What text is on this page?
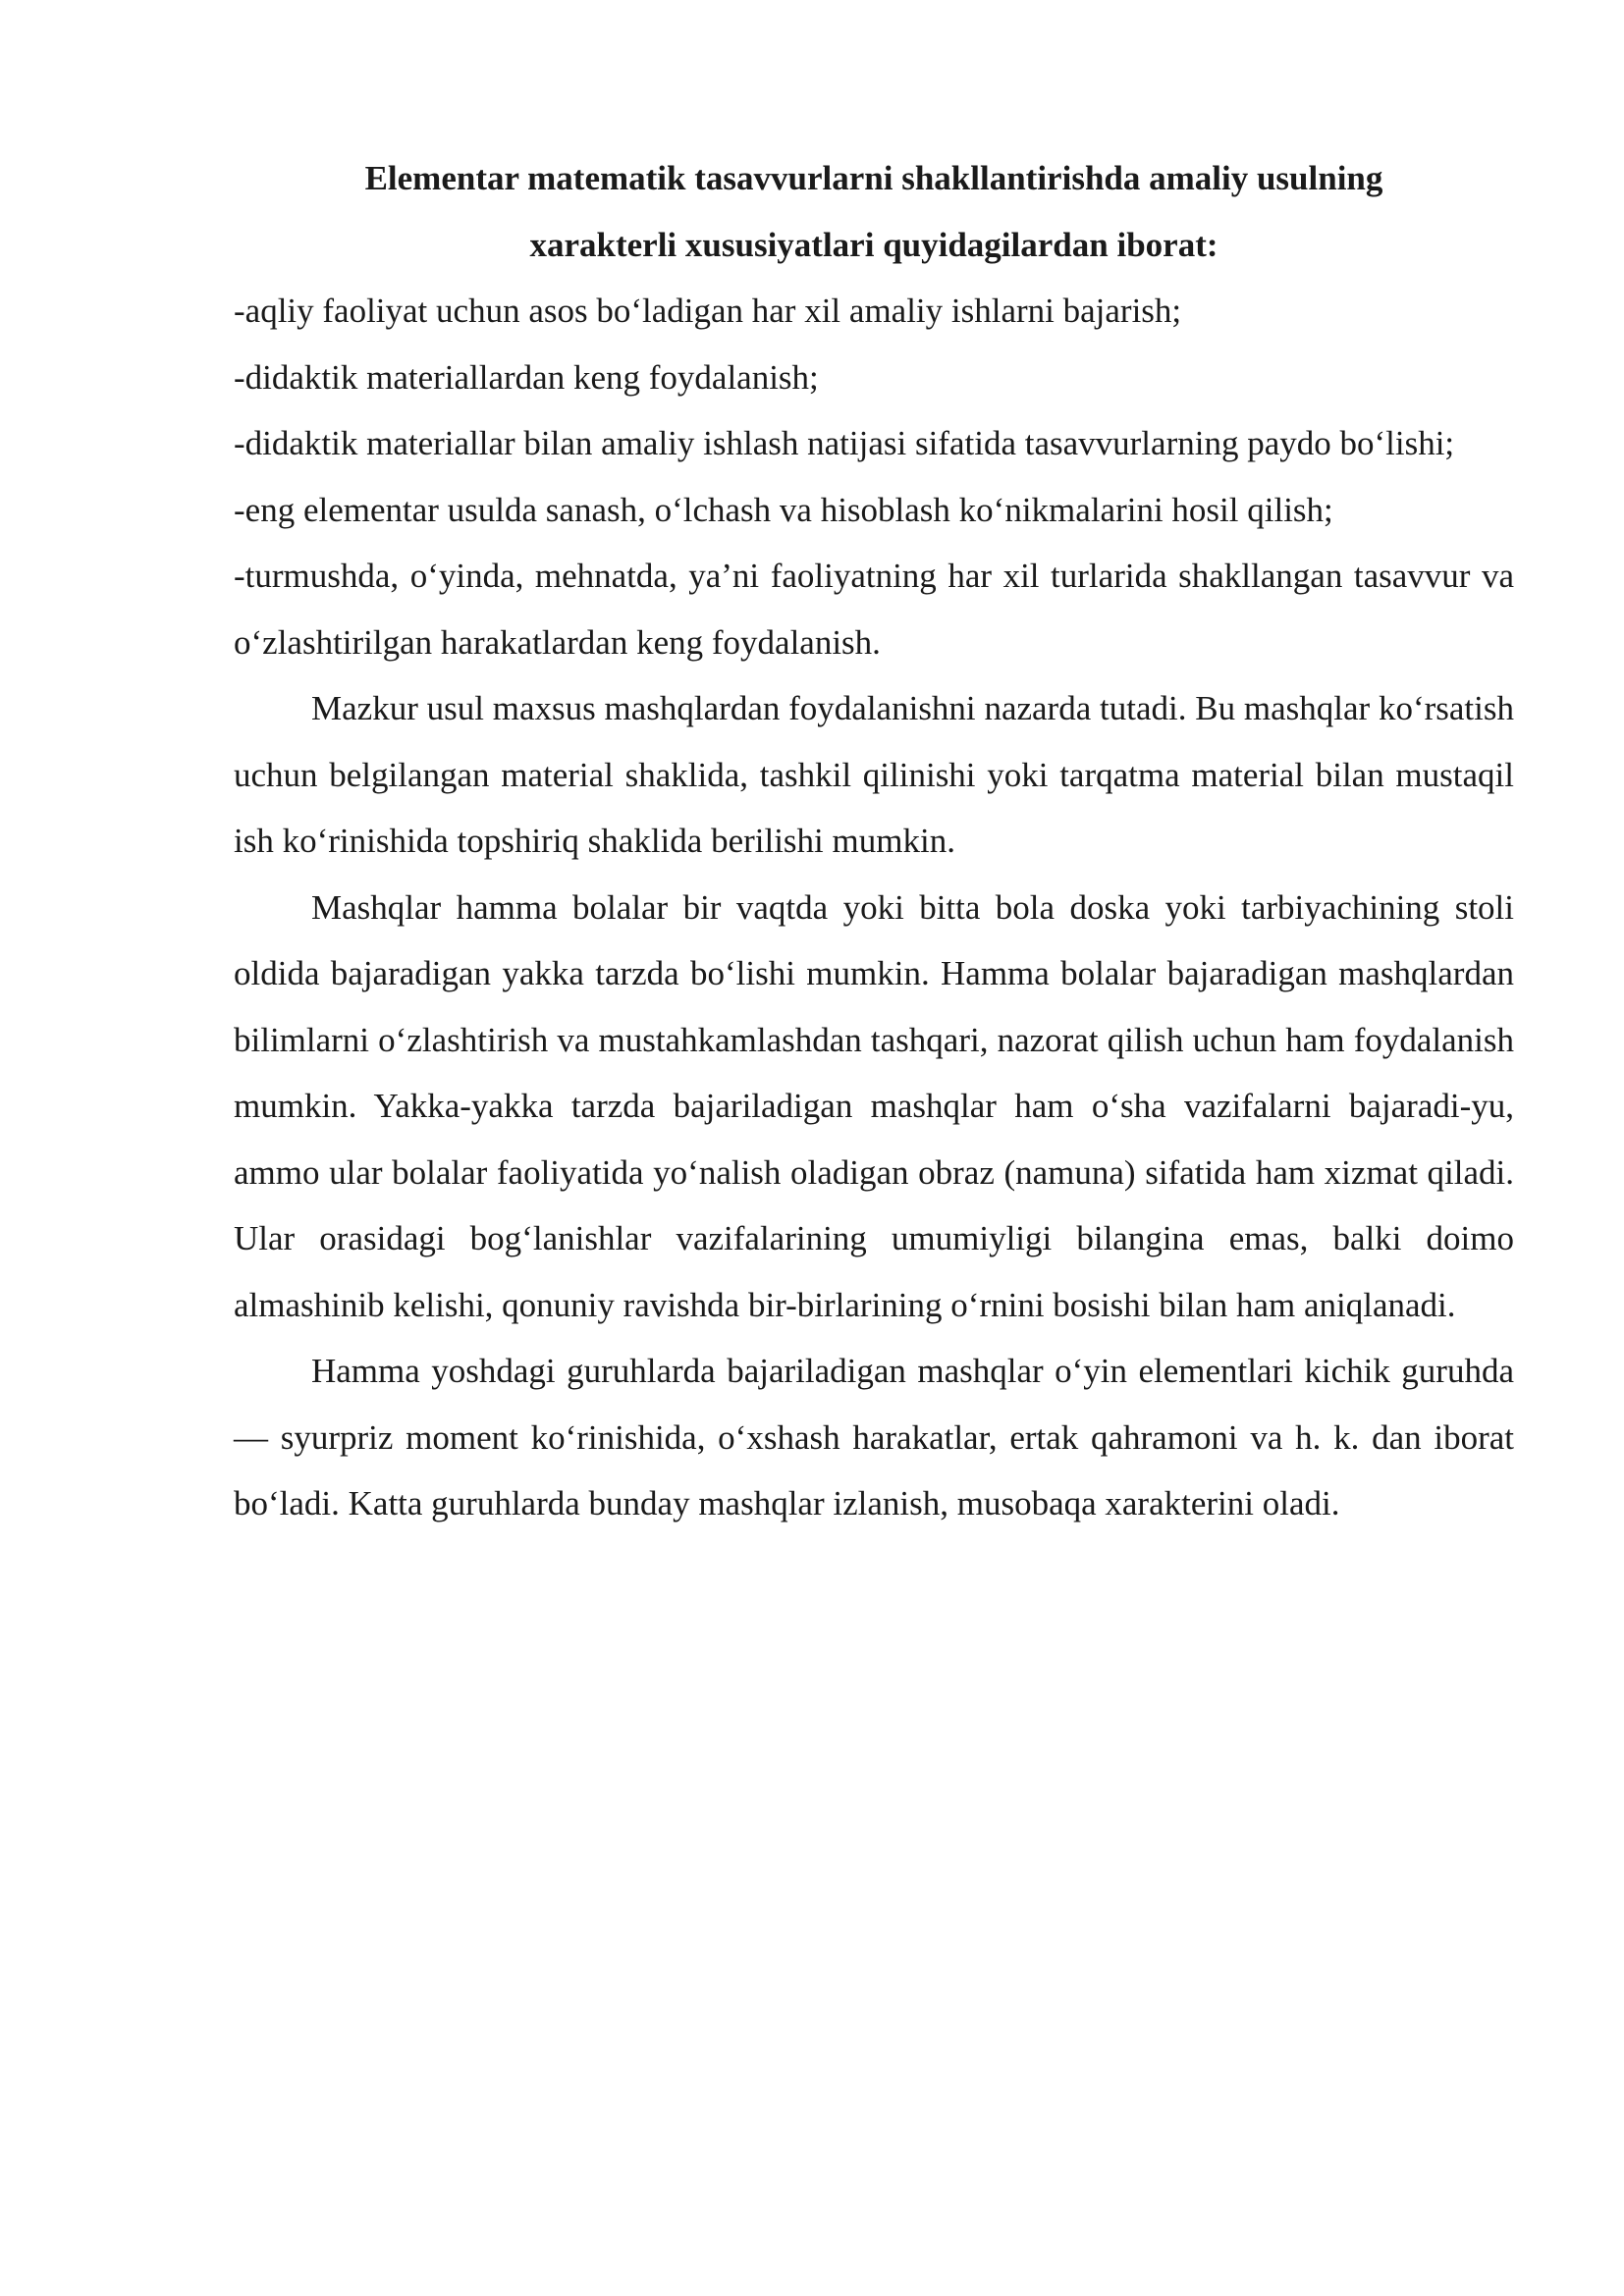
Elementar matematik tasavvurlarni shakllantirishda amaliy usulning
xarakterli xususiyatlari quyidagilardan iborat:
-aqliy faoliyat uchun asos bo‘ladigan har xil amaliy ishlarni bajarish;
-didaktik materiallardan keng foydalanish;
-didaktik materiallar bilan amaliy ishlash natijasi sifatida tasavvurlarning paydo bo‘lishi;
-eng elementar usulda sanash, o‘lchash va hisoblash ko‘nikmalarini hosil qilish;
-turmushda, o‘yinda, mehnatda, ya’ni faoliyatning har xil turlarida shakllangan tasavvur va o‘zlashtirilgan harakatlardan keng foydalanish.

Mazkur usul maxsus mashqlardan foydalanishni nazarda tutadi. Bu mashqlar ko‘rsatish uchun belgilangan material shaklida, tashkil qilinishi yoki tarqatma material bilan mustaqil ish ko‘rinishida topshiriq shaklida berilishi mumkin.

Mashqlar hamma bolalar bir vaqtda yoki bitta bola doska yoki tarbiyachining stoli oldida bajaradigan yakka tarzda bo‘lishi mumkin. Hamma bolalar bajaradigan mashqlardan bilimlarni o‘zlashtirish va mustahkamlashdan tashqari, nazorat qilish uchun ham foydalanish mumkin. Yakka-yakka tarzda bajariladigan mashqlar ham o‘sha vazifalarni bajaradi-yu, ammo ular bolalar faoliyatida yo‘nalish oladigan obraz (namuna) sifatida ham xizmat qiladi. Ular orasidagi bog‘lanishlar vazifalarining umumiyligi bilangina emas, balki doimo almashinib kelishi, qonuniy ravishda bir-birlarining o‘rnini bosishi bilan ham aniqlanadi.

Hamma yoshdagi guruhlarda bajariladigan mashqlar o‘yin elementlari kichik guruhda — syurpriz moment ko‘rinishida, o‘xshash harakatlar, ertak qahramoni va h. k. dan iborat bo‘ladi. Katta guruhlarda bunday mashqlar izlanish, musobaqa xarakterini oladi.
